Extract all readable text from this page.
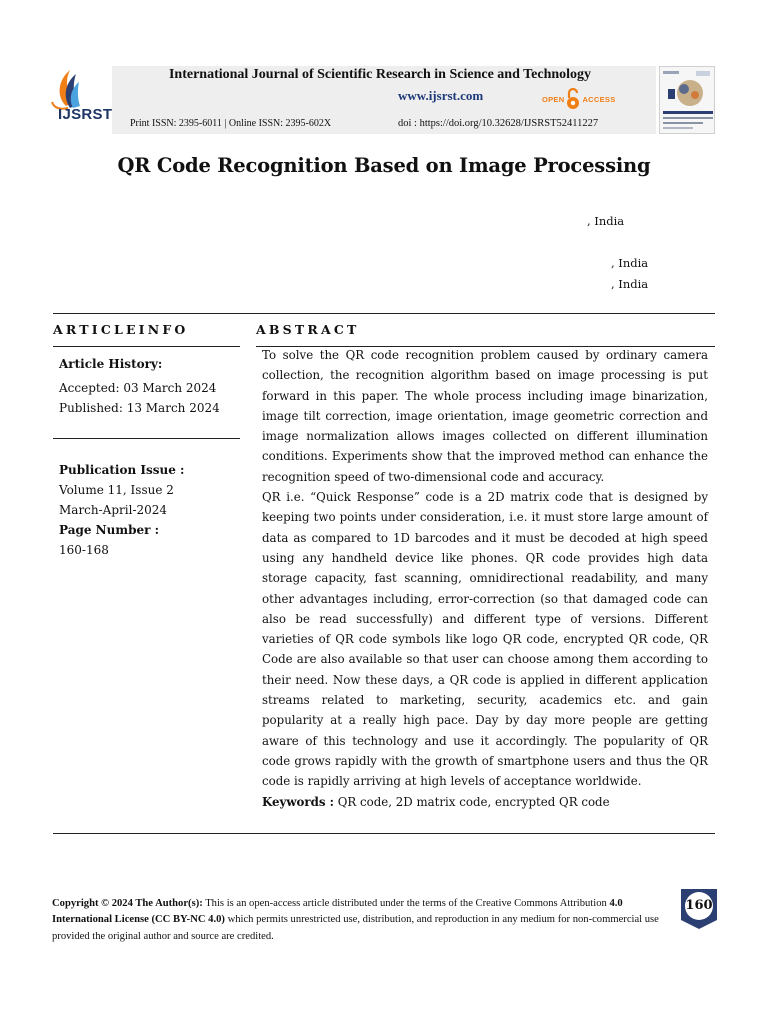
IJSRST
International Journal of Scientific Research in Science and Technology
www.ijsrst.com	OPEN ACCESS
Print ISSN: 2395-6011 | Online ISSN: 2395-602X	doi : https://doi.org/10.32628/IJSRST52411227
QR Code Recognition Based on Image Processing
, India
, India
, India
ARTICLEINFO	ABSTRACT
Article History:
Accepted: 03 March 2024
Published: 13 March 2024
Publication Issue :
Volume 11, Issue 2
March-April-2024
Page Number :
160-168

To solve the QR code recognition problem caused by ordinary camera collection, the recognition algorithm based on image processing is put forward in this paper. The whole process including image binarization, image tilt correction, image orientation, image geometric correction and image normalization allows images collected on different illumination conditions. Experiments show that the improved method can enhance the recognition speed of two-dimensional code and accuracy.

QR i.e. “Quick Response” code is a 2D matrix code that is designed by keeping two points under consideration, i.e. it must store large amount of data as compared to 1D barcodes and it must be decoded at high speed using any handheld device like phones. QR code provides high data storage capacity, fast scanning, omnidirectional readability, and many other advantages including, error-correction (so that damaged code can also be read successfully) and different type of versions. Different varieties of QR code symbols like logo QR code, encrypted QR code, QR Code are also available so that user can choose among them according to their need. Now these days, a QR code is applied in different application streams related to marketing, security, academics etc. and gain popularity at a really high pace. Day by day more people are getting aware of this technology and use it accordingly. The popularity of QR code grows rapidly with the growth of smartphone users and thus the QR code is rapidly arriving at high levels of acceptance worldwide.

Keywords : QR code, 2D matrix code, encrypted QR code

Copyright © 2024 The Author(s): This is an open-access article distributed under the terms of the Creative Commons Attribution 4.0 International License (CC BY-NC 4.0) which permits unrestricted use, distribution, and reproduction in any medium for non-commercial use provided the original author and source are credited.
160
